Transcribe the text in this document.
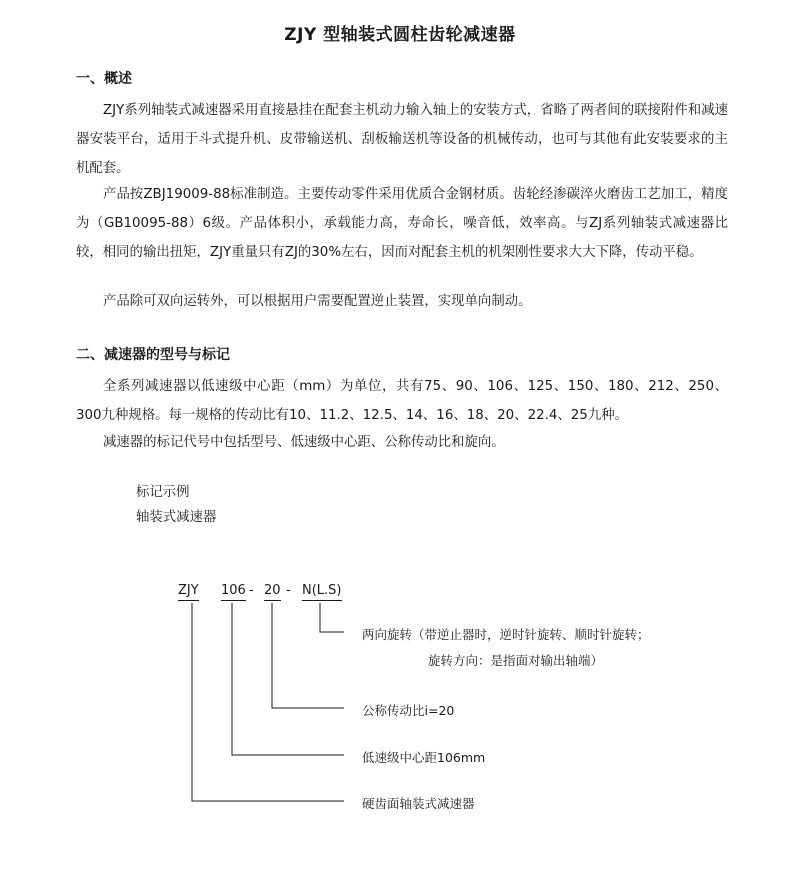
ZJY 型轴装式圆柱齿轮减速器
一、概述
ZJY系列轴装式减速器采用直接悬挂在配套主机动力输入轴上的安装方式，省略了两者间的联接附件和减速器安装平台，适用于斗式提升机、皮带输送机、刮板输送机等设备的机械传动，也可与其他有此安装要求的主机配套。
产品按ZBJ19009-88标准制造。主要传动零件采用优质合金钢材质。齿轮经渗碳淬火磨齿工艺加工，精度为（GB10095-88）6级。产品体积小，承载能力高，寿命长，噪音低，效率高。与ZJ系列轴装式减速器比较，相同的输出扭矩，ZJY重量只有ZJ的30%左右，因而对配套主机的机架刚性要求大大下降，传动平稳。
产品除可双向运转外，可以根据用户需要配置逆止装置，实现单向制动。
二、减速器的型号与标记
全系列减速器以低速级中心距（mm）为单位，共有75、90、106、125、150、180、212、250、300九种规格。每一规格的传动比有10、11.2、12.5、14、16、18、20、22.4、25九种。
减速器的标记代号中包括型号、低速级中心距、公称传动比和旋向。
标记示例
轴装式减速器
ZJY 106 - 20 - N(L.S)
两向旋转（带逆止器时，逆时针旋转、顺时针旋转；
旋转方向：是指面对输出轴端）
公称传动比i=20
低速级中心距106mm
硬齿面轴装式减速器
